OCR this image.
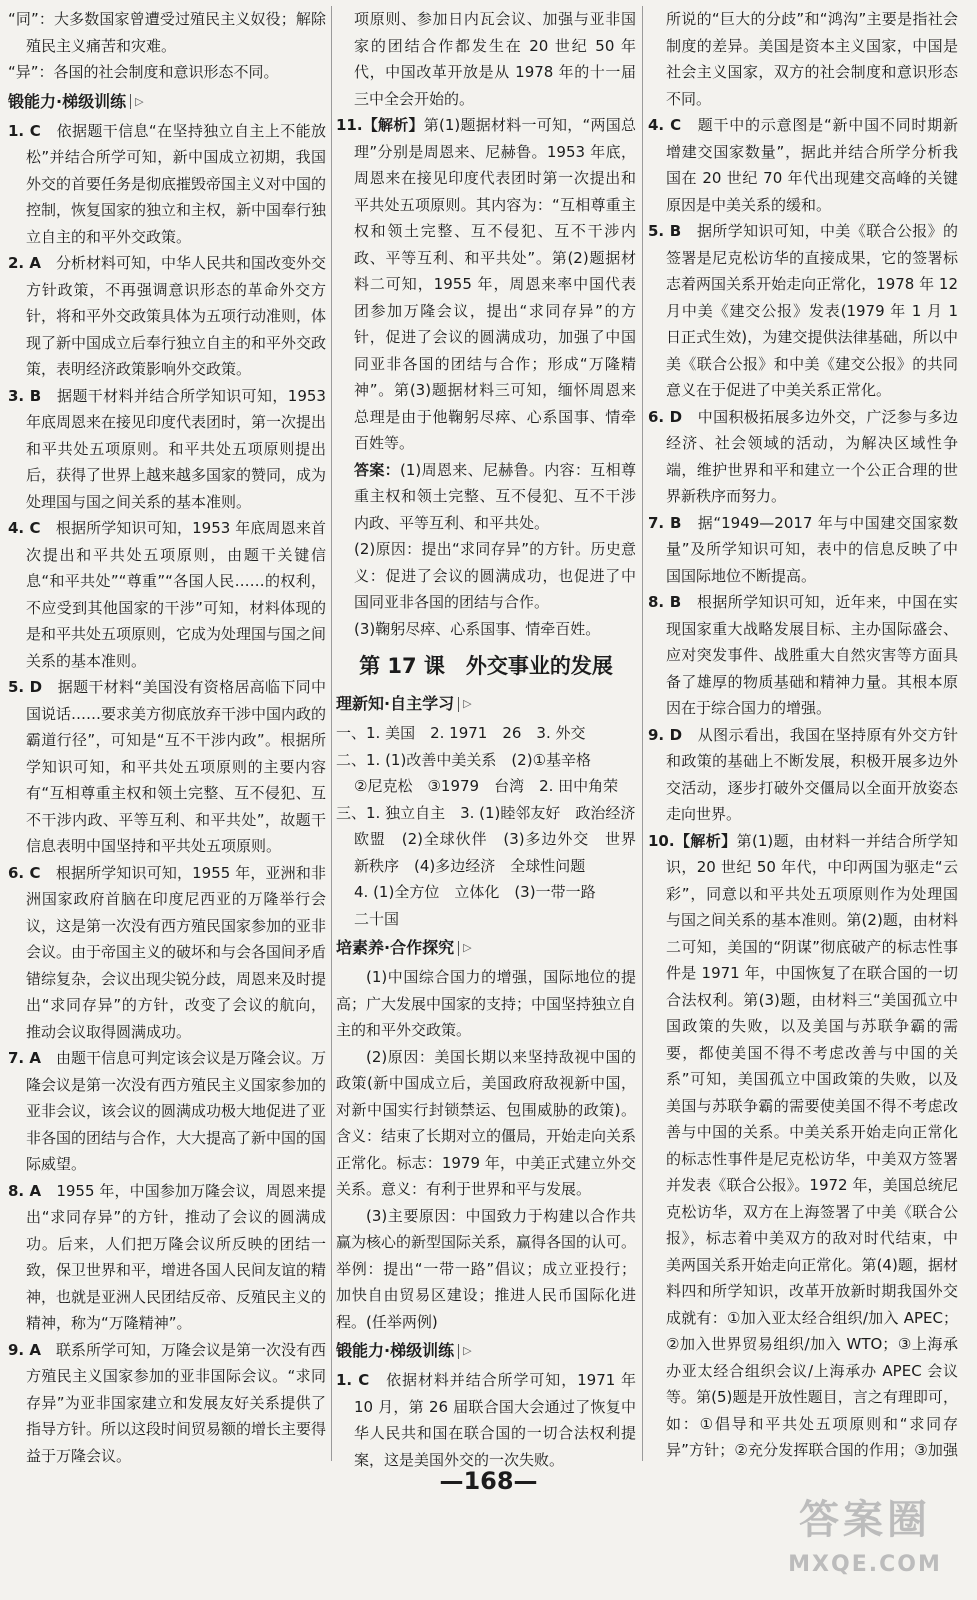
“同”：大多数国家曾遭受过殖民主义奴役；解除殖民主义痛苦和灾难。

“异”：各国的社会制度和意识形态不同。

锻能力·梯级训练 ▷

1. C　 依据题干信息“在坚持独立自主上不能放松”并结合所学可知，新中国成立初期，我国外交的首要任务是彻底摧毁帝国主义对中国的控制，恢复国家的独立和主权，新中国奉行独立自主的和平外交政策。

2. A　 分析材料可知，中华人民共和国改变外交方针政策，不再强调意识形态的革命外交方针，将和平外交政策具体为五项行动准则，体现了新中国成立后奉行独立自主的和平外交政策，表明经济政策影响外交政策。

3. B　 据题干材料并结合所学知识可知，1953 年底周恩来在接见印度代表团时，第一次提出和平共处五项原则。和平共处五项原则提出后，获得了世界上越来越多国家的赞同，成为处理国与国之间关系的基本准则。

4. C　 根据所学知识可知，1953 年底周恩来首次提出和平共处五项原则，由题干关键信息“和平共处”“尊重”“各国人民……的权利，不应受到其他国家的干涉”可知，材料体现的是和平共处五项原则，它成为处理国与国之间关系的基本准则。

5. D　 据题干材料“美国没有资格居高临下同中国说话……要求美方彻底放弃干涉中国内政的霸道行径”，可知是“互不干涉内政”。根据所学知识可知，和平共处五项原则的主要内容有“互相尊重主权和领土完整、互不侵犯、互不干涉内政、平等互利、和平共处”，故题干信息表明中国坚持和平共处五项原则。

6. C　 根据所学知识可知，1955 年，亚洲和非洲国家政府首脑在印度尼西亚的万隆举行会议，这是第一次没有西方殖民国家参加的亚非会议。由于帝国主义的破坏和与会各国间矛盾错综复杂，会议出现尖锐分歧，周恩来及时提出“求同存异”的方针，改变了会议的航向，推动会议取得圆满成功。

7. A　 由题干信息可判定该会议是万隆会议。万隆会议是第一次没有西方殖民主义国家参加的亚非会议，该会议的圆满成功极大地促进了亚非各国的团结与合作，大大提高了新中国的国际威望。

8. A　 1955 年，中国参加万隆会议，周恩来提出“求同存异”的方针，推动了会议的圆满成功。后来，人们把万隆会议所反映的团结一致，保卫世界和平，增进各国人民间友谊的精神，也就是亚洲人民团结反帝、反殖民主义的精神，称为“万隆精神”。

9. A　 联系所学可知，万隆会议是第一次没有西方殖民主义国家参加的亚非国际会议。“求同存异”为亚非国家建立和发展友好关系提供了指导方针。所以这段时间贸易额的增长主要得益于万隆会议。

项原则、参加日内瓦会议、加强与亚非国家的团结合作都发生在 20 世纪 50 年代，中国改革开放是从 1978 年的十一届三中全会开始的。

11.【解析】第(1)题据材料一可知，“两国总理”分别是周恩来、尼赫鲁。1953 年底，周恩来在接见印度代表团时第一次提出和平共处五项原则。其内容为：“互相尊重主权和领土完整、互不侵犯、互不干涉内政、平等互利、和平共处”。第(2)题据材料二可知，1955 年，周恩来率中国代表团参加万隆会议，提出“求同存异”的方针，促进了会议的圆满成功，加强了中国同亚非各国的团结与合作；形成“万隆精神”。第(3)题据材料三可知，缅怀周恩来总理是由于他鞠躬尽瘁、心系国事、情牵百姓等。

答案：(1)周恩来、尼赫鲁。内容：互相尊重主权和领土完整、互不侵犯、互不干涉内政、平等互利、和平共处。

(2)原因：提出“求同存异”的方针。历史意义：促进了会议的圆满成功，也促进了中国同亚非各国的团结与合作。

(3)鞠躬尽瘁、心系国事、情牵百姓。

第 17 课　外交事业的发展
理新知·自主学习 ▷

一、1. 美国　2. 1971　26　3. 外交

二、1. (1)改善中美关系　(2)①基辛格

②尼克松　③1979　台湾　2. 田中角荣

三、1. 独立自主　3. (1)睦邻友好　政治经济

欧盟　(2)全球伙伴　(3)多边外交　世界新秩序　(4)多边经济　全球性问题

4. (1)全方位　立体化　(3)一带一路

二十国

培素养·合作探究 ▷

(1)中国综合国力的增强，国际地位的提高；广大发展中国家的支持；中国坚持独立自主的和平外交政策。

(2)原因：美国长期以来坚持敌视中国的政策(新中国成立后，美国政府敌视新中国，对新中国实行封锁禁运、包围威胁的政策)。含义：结束了长期对立的僵局，开始走向关系正常化。标志：1979 年，中美正式建立外交关系。意义：有利于世界和平与发展。

(3)主要原因：中国致力于构建以合作共赢为核心的新型国际关系，赢得各国的认可。举例：提出“一带一路”倡议；成立亚投行；加快自由贸易区建设；推进人民币国际化进程。(任举两例)

锻能力·梯级训练 ▷

1. C　 依据材料并结合所学可知，1971 年 10 月，第 26 届联合国大会通过了恢复中华人民共和国在联合国的一切合法权利提案，这是美国外交的一次失败。

所说的“巨大的分歧”和“鸿沟”主要是指社会制度的差异。美国是资本主义国家，中国是社会主义国家，双方的社会制度和意识形态不同。

4. C　 题干中的示意图是“新中国不同时期新增建交国家数量”，据此并结合所学分析我国在 20 世纪 70 年代出现建交高峰的关键原因是中美关系的缓和。

5. B　 据所学知识可知，中美《联合公报》的签署是尼克松访华的直接成果，它的签署标志着两国关系开始走向正常化，1978 年 12 月中美《建交公报》发表(1979 年 1 月 1 日正式生效)，为建交提供法律基础，所以中美《联合公报》和中美《建交公报》的共同意义在于促进了中美关系正常化。

6. D　 中国积极拓展多边外交，广泛参与多边经济、社会领域的活动，为解决区域性争端，维护世界和平和建立一个公正合理的世界新秩序而努力。

7. B　 据“1949—2017 年与中国建交国家数量”及所学知识可知，表中的信息反映了中国国际地位不断提高。

8. B　 根据所学知识可知，近年来，中国在实现国家重大战略发展目标、主办国际盛会、应对突发事件、战胜重大自然灾害等方面具备了雄厚的物质基础和精神力量。其根本原因在于综合国力的增强。

9. D　 从图示看出，我国在坚持原有外交方针和政策的基础上不断发展，积极开展多边外交活动，逐步打破外交僵局以全面开放姿态走向世界。

10.【解析】第(1)题，由材料一并结合所学知识，20 世纪 50 年代，中印两国为驱走“云彩”，同意以和平共处五项原则作为处理国与国之间关系的基本准则。第(2)题，由材料二可知，美国的“阴谋”彻底破产的标志性事件是 1971 年，中国恢复了在联合国的一切合法权利。第(3)题，由材料三“美国孤立中国政策的失败，以及美国与苏联争霸的需要，都使美国不得不考虑改善与中国的关系”可知，美国孤立中国政策的失败，以及美国与苏联争霸的需要使美国不得不考虑改善与中国的关系。中美关系开始走向正常化的标志性事件是尼克松访华，中美双方签署并发表《联合公报》。1972 年，美国总统尼克松访华，双方在上海签署了中美《联合公报》，标志着中美双方的敌对时代结束，中美两国关系开始走向正常化。第(4)题，据材料四和所学知识，改革开放新时期我国外交成就有：①加入亚太经合组织/加入 APEC；②加入世界贸易组织/加入 WTO；③上海承办亚太经合组织会议/上海承办 APEC 会议等。第(5)题是开放性题目，言之有理即可，如：①倡导和平共处五项原则和“求同存异”方针；②充分发挥联合国的作用；③加强

—168—
答案圈
MXQE.COM
